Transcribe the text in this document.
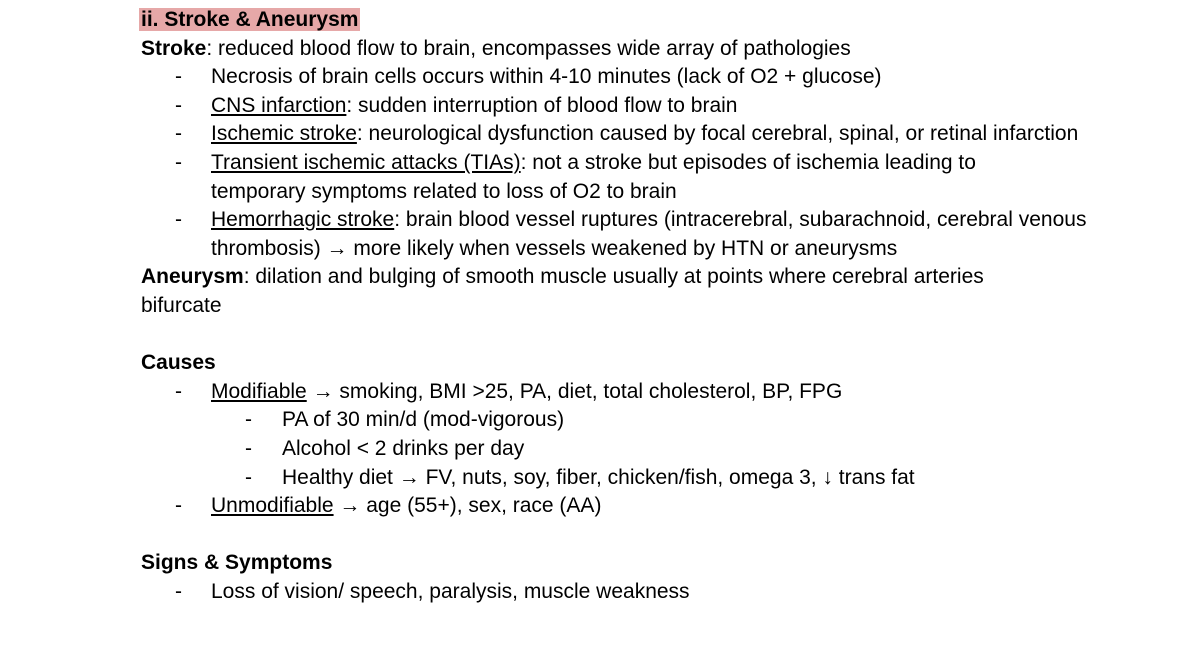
ii. Stroke & Aneurysm
Stroke: reduced blood flow to brain, encompasses wide array of pathologies
-	Necrosis of brain cells occurs within 4-10 minutes (lack of O2 + glucose)
-	CNS infarction: sudden interruption of blood flow to brain
-	Ischemic stroke: neurological dysfunction caused by focal cerebral, spinal, or retinal infarction
-	Transient ischemic attacks (TIAs): not a stroke but episodes of ischemia leading to temporary symptoms related to loss of O2 to brain
-	Hemorrhagic stroke: brain blood vessel ruptures (intracerebral, subarachnoid, cerebral venous thrombosis) → more likely when vessels weakened by HTN or aneurysms
Aneurysm: dilation and bulging of smooth muscle usually at points where cerebral arteries bifurcate
Causes
-	Modifiable → smoking, BMI >25, PA, diet, total cholesterol, BP, FPG
-	PA of 30 min/d (mod-vigorous)
-	Alcohol < 2 drinks per day
-	Healthy diet → FV, nuts, soy, fiber, chicken/fish, omega 3, ↓ trans fat
-	Unmodifiable → age (55+), sex, race (AA)
Signs & Symptoms
-	Loss of vision/ speech, paralysis, muscle weakness
